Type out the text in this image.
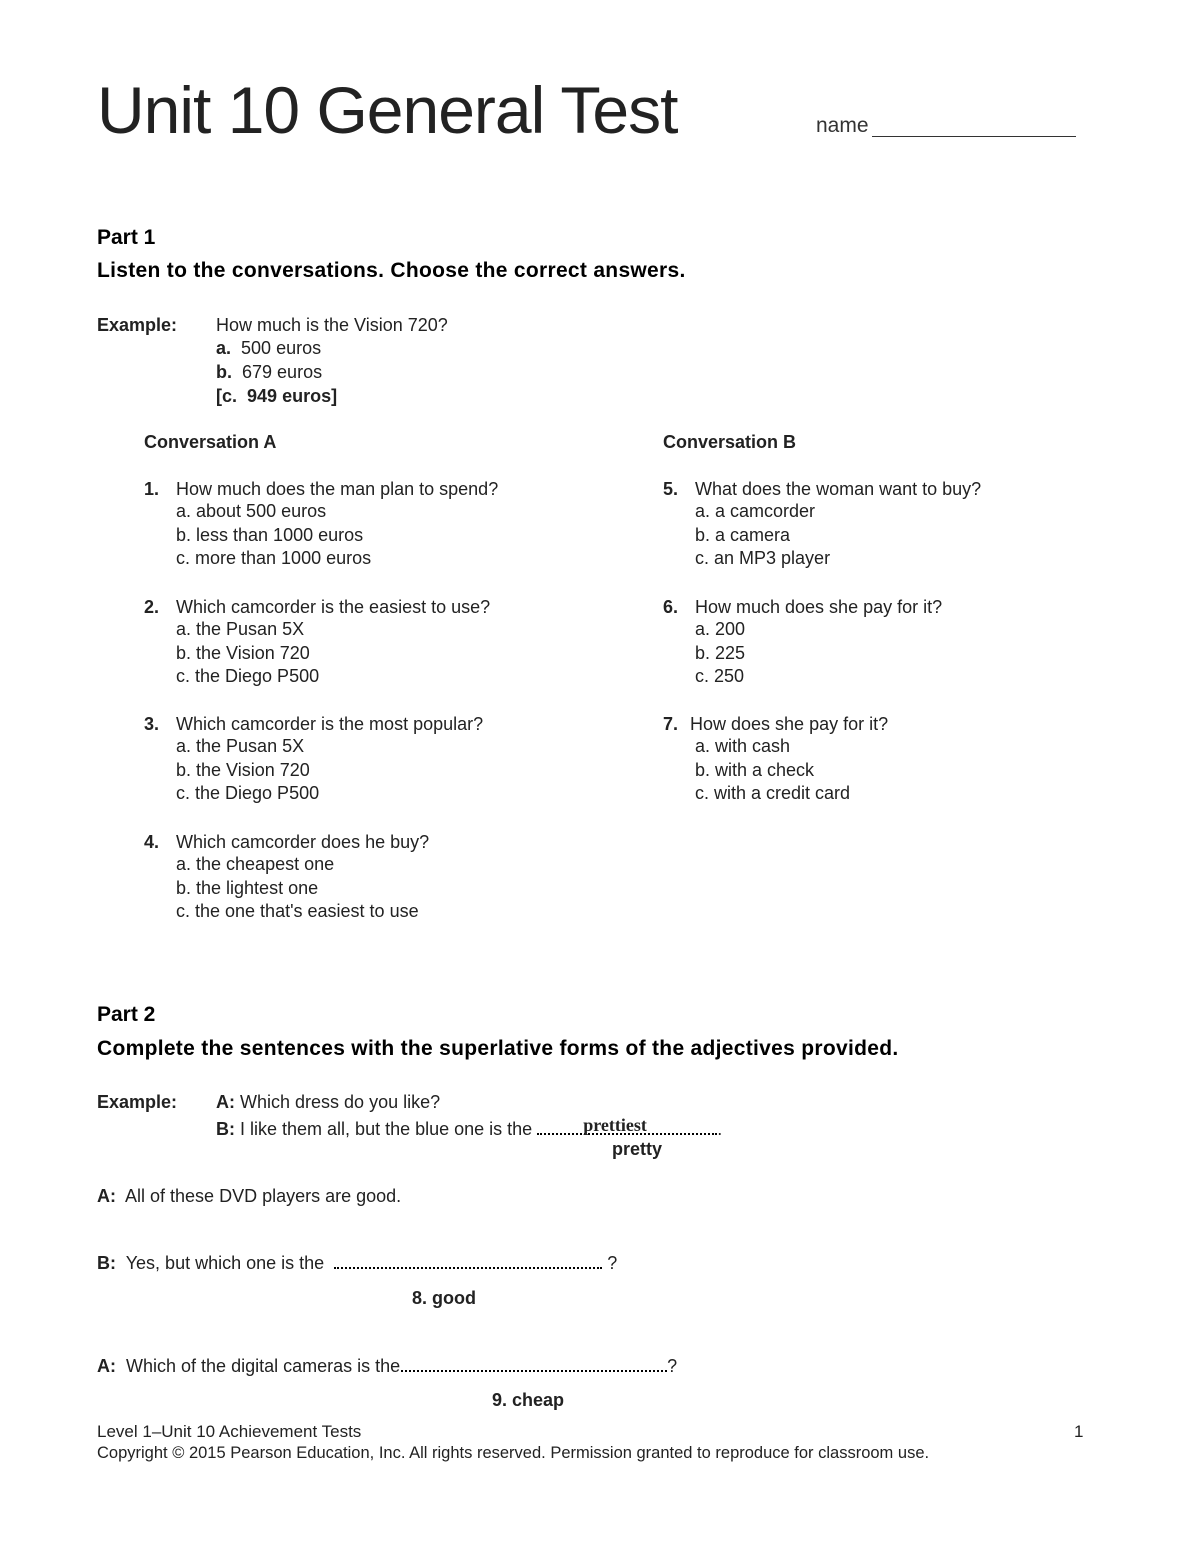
Unit 10 General Test	name
Part 1
Listen to the conversations. Choose the correct answers.
Example: How much is the Vision 720?
a. 500 euros
b. 679 euros
[c. 949 euros]
Conversation A
1. How much does the man plan to spend?
a. about 500 euros
b. less than 1000 euros
c. more than 1000 euros
2. Which camcorder is the easiest to use?
a. the Pusan 5X
b. the Vision 720
c. the Diego P500
3. Which camcorder is the most popular?
a. the Pusan 5X
b. the Vision 720
c. the Diego P500
4. Which camcorder does he buy?
a. the cheapest one
b. the lightest one
c. the one that's easiest to use
Conversation B
5. What does the woman want to buy?
a. a camcorder
b. a camera
c. an MP3 player
6. How much does she pay for it?
a. 200
b. 225
c. 250
7. How does she pay for it?
a. with cash
b. with a check
c. with a credit card
Part 2
Complete the sentences with the superlative forms of the adjectives provided.
Example: A: Which dress do you like?
B: I like them all, but the blue one is the	prettiest	.
pretty
A: All of these DVD players are good.
B: Yes, but which one is the	?
8. good
A: Which of the digital cameras is the	?
9. cheap
Level 1–Unit 10 Achievement Tests	1
Copyright © 2015 Pearson Education, Inc. All rights reserved. Permission granted to reproduce for classroom use.
